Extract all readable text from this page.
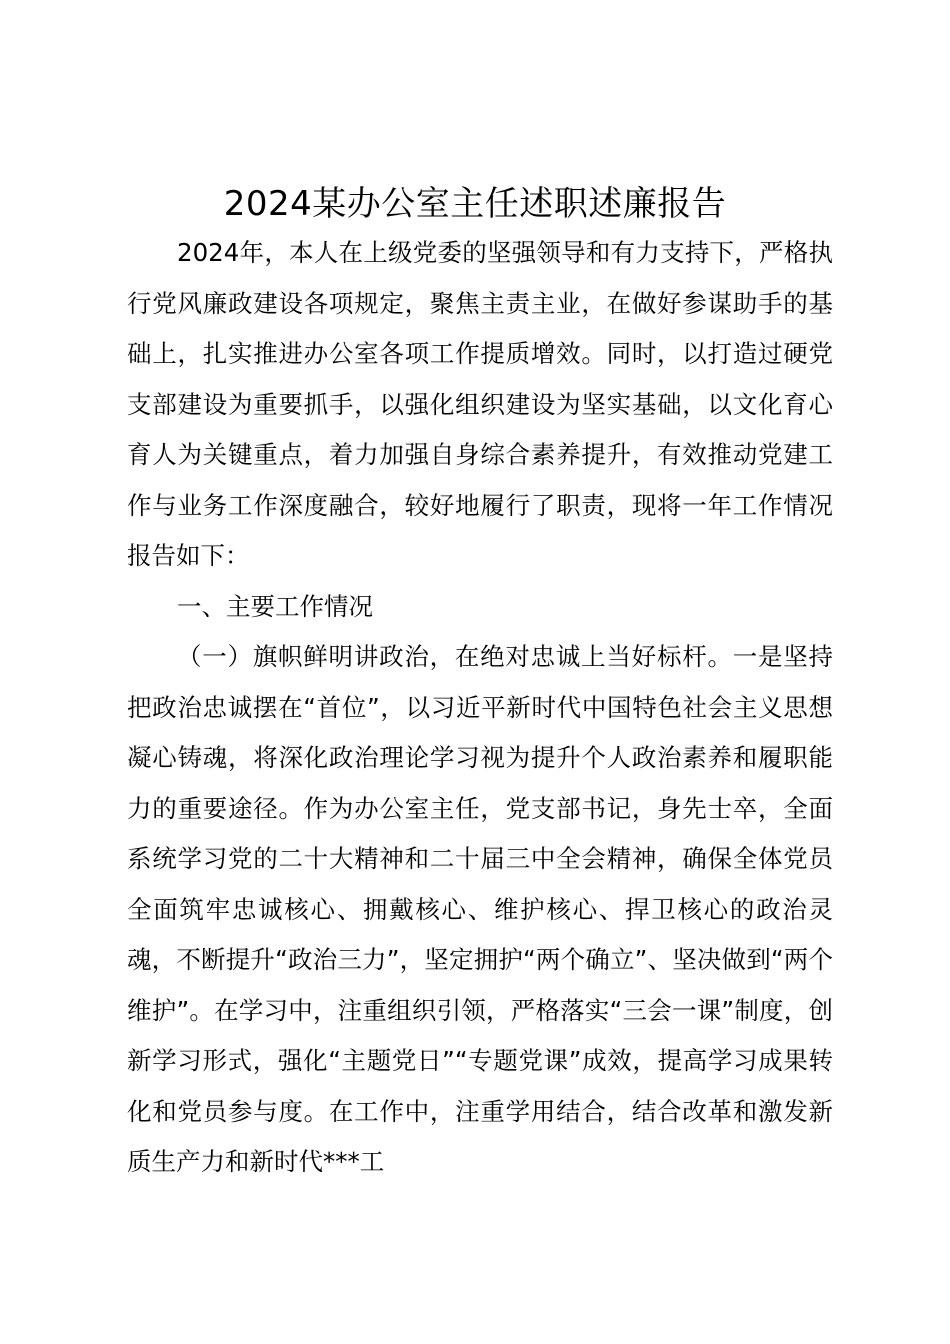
2024某办公室主任述职述廉报告

2024年，本人在上级党委的坚强领导和有力支持下，严格执行党风廉政建设各项规定，聚焦主责主业，在做好参谋助手的基础上，扎实推进办公室各项工作提质增效。同时，以打造过硬党支部建设为重要抓手，以强化组织建设为坚实基础，以文化育心育人为关键重点，着力加强自身综合素养提升，有效推动党建工作与业务工作深度融合，较好地履行了职责，现将一年工作情况报告如下：

一、主要工作情况

（一）旗帜鲜明讲政治，在绝对忠诚上当好标杆。一是坚持把政治忠诚摆在“首位”，以习近平新时代中国特色社会主义思想凝心铸魂，将深化政治理论学习视为提升个人政治素养和履职能力的重要途径。作为办公室主任，党支部书记，身先士卒，全面系统学习党的二十大精神和二十届三中全会精神，确保全体党员全面筑牢忠诚核心、拥戴核心、维护核心、捍卫核心的政治灵魂，不断提升“政治三力”，坚定拥护“两个确立”、坚决做到“两个维护”。在学习中，注重组织引领，严格落实“三会一课”制度，创新学习形式，强化“主题党日”“专题党课”成效，提高学习成果转化和党员参与度。在工作中，注重学用结合，结合改革和激发新质生产力和新时代***工
